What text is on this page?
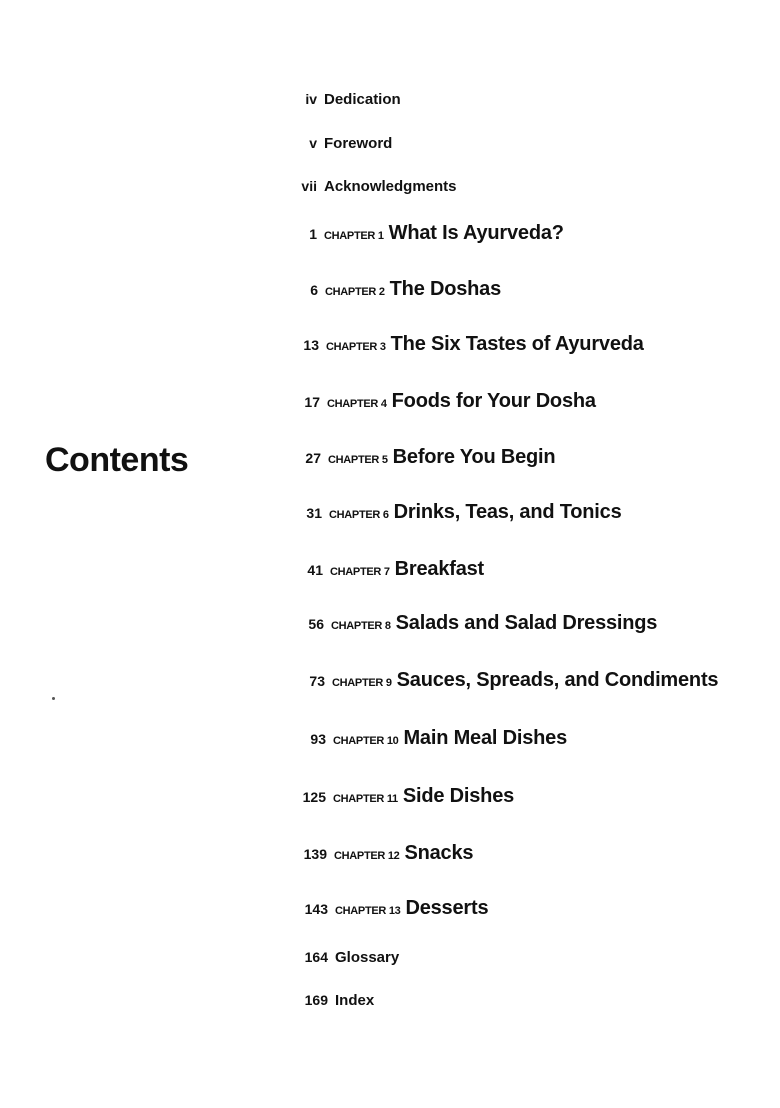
Contents
iv Dedication
v Foreword
vii Acknowledgments
1 CHAPTER 1 What Is Ayurveda?
6 CHAPTER 2 The Doshas
13 CHAPTER 3 The Six Tastes of Ayurveda
17 CHAPTER 4 Foods for Your Dosha
27 CHAPTER 5 Before You Begin
31 CHAPTER 6 Drinks, Teas, and Tonics
41 CHAPTER 7 Breakfast
56 CHAPTER 8 Salads and Salad Dressings
73 CHAPTER 9 Sauces, Spreads, and Condiments
93 CHAPTER 10 Main Meal Dishes
125 CHAPTER 11 Side Dishes
139 CHAPTER 12 Snacks
143 CHAPTER 13 Desserts
164 Glossary
169 Index
